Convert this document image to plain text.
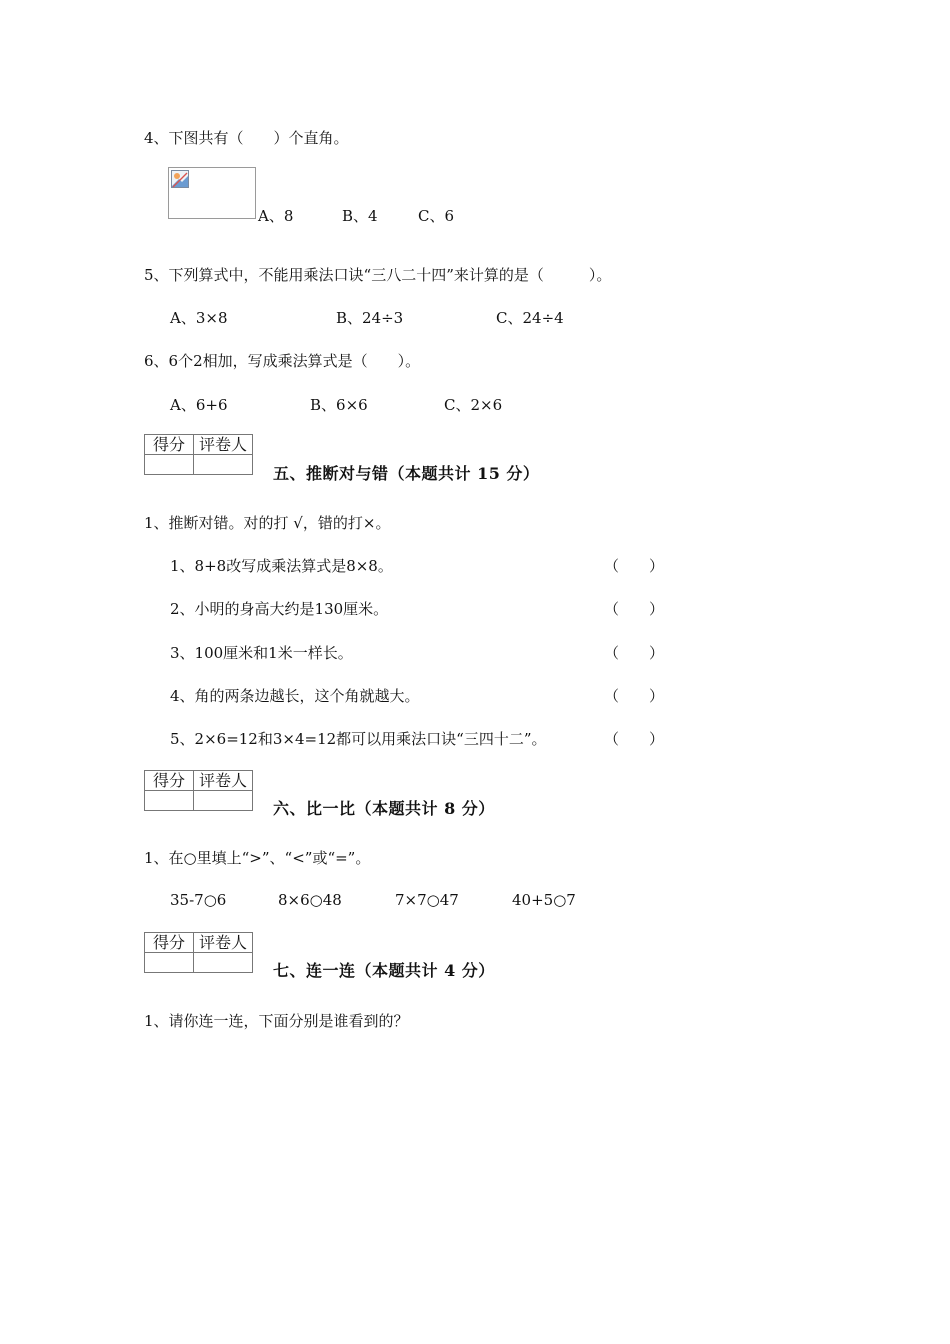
4、下图共有（　　）个直角。
A、8	B、4	C、6
5、下列算式中，不能用乘法口诀“三八二十四”来计算的是（　　　）。
A、3×8	B、24÷3	C、24÷4
6、6个2相加，写成乘法算式是（　　）。
A、6+6	B、6×6	C、2×6
得分	评卷人

五、推断对与错（本题共计 15 分）
1、推断对错。对的打 √，错的打×。
1、8+8改写成乘法算式是8×8。	（　　）
2、小明的身高大约是130厘米。	（　　）
3、100厘米和1米一样长。	（　　）
4、角的两条边越长，这个角就越大。	（　　）
5、2×6=12和3×4=12都可以用乘法口诀“三四十二”。	（　　）
得分	评卷人

六、比一比（本题共计 8 分）
1、在○里填上“>”、“<”或“=”。
35-7○6	8×6○48	7×7○47	40+5○7
得分	评卷人

七、连一连（本题共计 4 分）
1、请你连一连，下面分别是谁看到的？
